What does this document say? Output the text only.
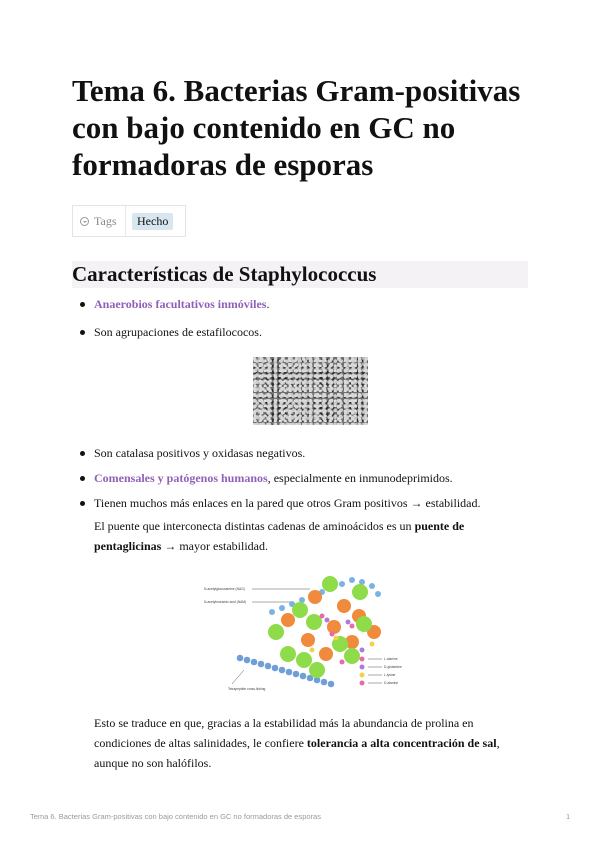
Tema 6. Bacterias Gram-positivas con bajo contenido en GC no formadoras de esporas
Tags	Hecho
Características de Staphylococcus
Anaerobios facultativos inmóviles.
Son agrupaciones de estafilococos.
Son catalasa positivos y oxidasas negativos.
Comensales y patógenos humanos, especialmente en inmunodeprimidos.
Tienen muchos más enlaces en la pared que otros Gram positivos → estabilidad.
El puente que interconecta distintas cadenas de aminoácidos es un puente de pentaglicinas → mayor estabilidad.
N-acetylglucosamine (NAG)
N-acetylmuramic acid (NAM)
Tetrapeptide cross-linking
L-alanine
D-glutamine
L-lysine
D-alanine
Esto se traduce en que, gracias a la estabilidad más la abundancia de prolina en condiciones de altas salinidades, le confiere tolerancia a alta concentración de sal, aunque no son halófilos.
Tema 6. Bacterias Gram-positivas con bajo contenido en GC no formadoras de esporas	1
